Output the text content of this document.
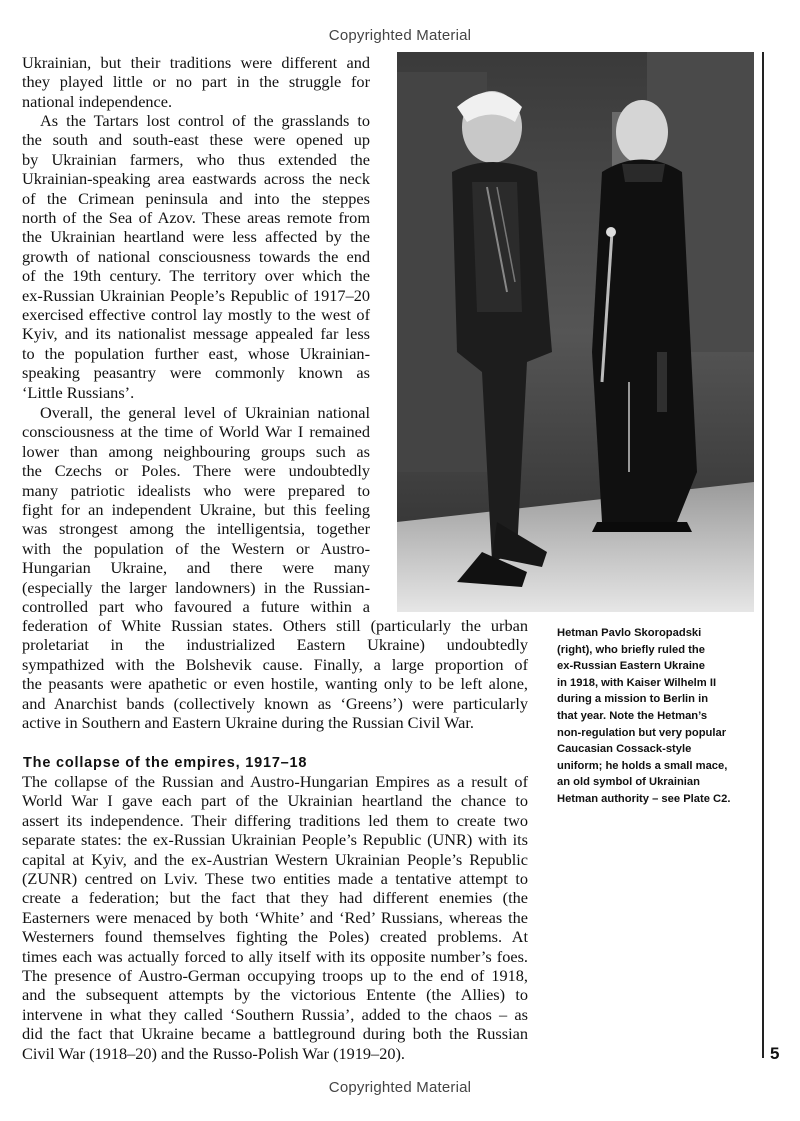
Copyrighted Material
Ukrainian, but their traditions were different and
they played little or no part in the struggle for
national independence.
As the Tartars lost control of the grasslands to
the south and south-east these were opened up
by Ukrainian farmers, who thus extended the
Ukrainian-speaking area eastwards across the neck
of the Crimean peninsula and into the steppes
north of the Sea of Azov. These areas remote from
the Ukrainian heartland were less affected by the
growth of national consciousness towards the end
of the 19th century. The territory over which the
ex-Russian Ukrainian People’s Republic of 1917–20
exercised effective control lay mostly to the west of
Kyiv, and its nationalist message appealed far less
to the population further east, whose Ukrainian-
speaking peasantry were commonly known as
‘Little Russians’.
Overall, the general level of Ukrainian national
consciousness at the time of World War I remained
lower than among neighbouring groups such as
the Czechs or Poles. There were undoubtedly
many patriotic idealists who were prepared to
fight for an independent Ukraine, but this feeling
was strongest among the intelligentsia, together
with the population of the Western or Austro-
Hungarian Ukraine, and there were many
(especially the larger landowners) in the Russian-
controlled part who favoured a future within a
federation of White Russian states. Others still (particularly the urban
proletariat in the industrialized Eastern Ukraine) undoubtedly
sympathized with the Bolshevik cause. Finally, a large proportion of
the peasants were apathetic or even hostile, wanting only to be left alone,
and Anarchist bands (collectively known as ‘Greens’) were particularly
active in Southern and Eastern Ukraine during the Russian Civil War.
The collapse of the empires, 1917–18
The collapse of the Russian and Austro-Hungarian Empires as a result of
World War I gave each part of the Ukrainian heartland the chance to
assert its independence. Their differing traditions led them to create two
separate states: the ex-Russian Ukrainian People’s Republic (UNR) with its
capital at Kyiv, and the ex-Austrian Western Ukrainian People’s Republic
(ZUNR) centred on Lviv. These two entities made a tentative attempt to
create a federation; but the fact that they had different enemies (the
Easterners were menaced by both ‘White’ and ‘Red’ Russians, whereas the
Westerners found themselves fighting the Poles) created problems. At
times each was actually forced to ally itself with its opposite number’s foes.
The presence of Austro-German occupying troops up to the end of 1918,
and the subsequent attempts by the victorious Entente (the Allies) to
intervene in what they called ‘Southern Russia’, added to the chaos – as
did the fact that Ukraine became a battleground during both the Russian
Civil War (1918–20) and the Russo-Polish War (1919–20).
Hetman Pavlo Skoropadski
(right), who briefly ruled the
ex-Russian Eastern Ukraine
in 1918, with Kaiser Wilhelm II
during a mission to Berlin in
that year. Note the Hetman’s
non-regulation but very popular
Caucasian Cossack-style
uniform; he holds a small mace,
an old symbol of Ukrainian
Hetman authority – see Plate C2.
5
Copyrighted Material
